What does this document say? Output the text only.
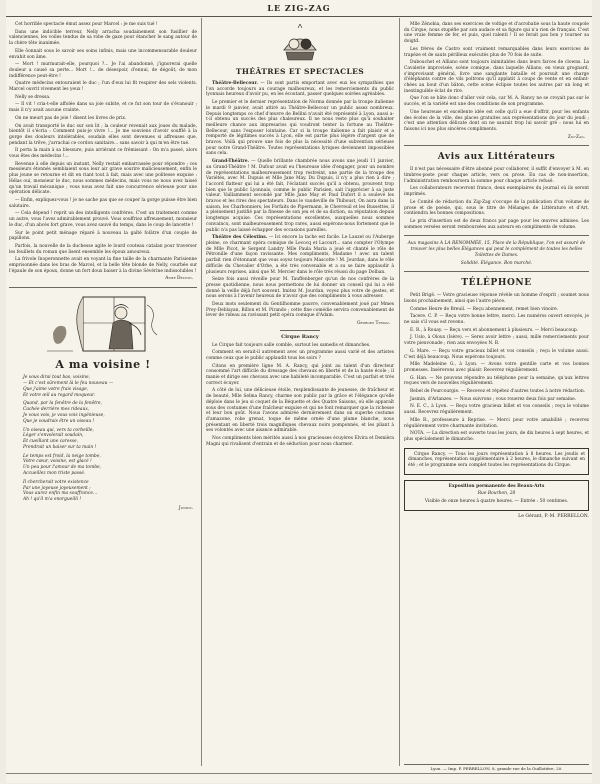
LE ZIG-ZAG

Cet horrible spectacle émut assez pour Marcel : je me suis tué !

Dans une indicible terreur, Nelly arracha soudainement son fusillier de valenciennes, les voiles tendus de sa robe de gaze pour étancher le sang autour de la chère tête inanimée.

Elle ôonnait sous le savoir ses soins infinis, mais une incommensurable douleur envahit son âme.

— Mort ! murmurait-elle, pourquoi ?... Je l'ai abandonné, j'ignorerai quelle douleur a causé sa perte... Mort !... de désespoir, d'ennui, de dégoût, de mon indifférence peut-être !

Quatre médecins entouraient le duc ; l'un d'eux lui fit respirer des sels violents. Marcel ouvrit vivement les yeux !

Nelly se dressa.

— Il vit ! cria-t-elle affolée dans sa joie subite, et ce fut son tour de s'évanouir ; mais il n'y avait aucune crainte.

On ne meurt pas de joie ! disent les livres de prix.

On avait transporté le duc sur son lit ; la couleur revenait aux joues du malade, bientôt il s'écria : Comment puis-je vivre !... Je me souviens d'avoir soufflé à la gorge des douleurs intolérables, soudain elles sont devenues si affreuses que, pendant la trêve, j'arrachai ce cordon sanitaire... sans savoir à qui m'en être tué.

Il porta la main à sa blessure, puis arriérant ce frémissant : On m'a passé, alors vous êtes des médecins !...

Revenue à elle depuis un instant, Nelly restait embarrassée pour répondre ; ces messieurs étonnés semblaient sous leur air grave sourire malicieusement, enfin le plus jeune se retourne et dit en riant tout à fait, mais avec une politesse exquise : Hélas oui, monsieur le duc, nous sommes médecins, mais vous ne nous avez laissé qu'un travail mécanique ; vous nous avez fait une concurrence sérieuse pour une opération délicate.

— Enfin, expliquez-vous ! je ne sache pas que se couper la gorge puisse être bien salutaire.

— Cela dépend ! reprit un des intelligents confrères. C'est un traitement comme un autre, vous l'avez admirablement prouvé. Vous souffriez affreusement, monsieur le duc, d'un abcès fort grave, vous avez sauvé du temps, dans le coup de lancette !

Sur le point petit ménage réparé à nouveau la gaîté folâtre d'un couple de papillons.

Parfois, la nouvelle de la duchesse agite le lourd couteau catalan pour traverser les feuillets du roman que lisent ensemble les époux amoureux.

La frivole Inoperonnette avait en voyant la fine taille de la charmante Parisienne emprisonnée dans les bras de Marcel, et la belle tête blonde de Nelly, courbée sur l'épaule de son époux, donne un fort doux baiser à la divine Sévérine indissolubles !

Aymé Delyon.
A ma voisine !
Je vous dirai tout bas, voisine,
— Et c'est sûrement là le feu nouveau —
Que j'aime votre frais visage,
Et votre œil au regard moqueur.
Quand, par la fenêtre de la fenêtre,
Cachée derrière mes rideaux,
Je vous vois, je vous vois ingénieuse,
Que je voudrais être un oiseau !
Un oiseau qui, vers ta corbeille,
Lèger s'envolerait soudain,
Et cueillant une caresse,
Prendrait un baiser sur ta main !
Le temps est froid, la neige tombe,
Votre cœur, voisine, est glacé !
Un peu pour l'amour de ma tombe,
Accueillez mon triste passé.
Il chercherait votre existence
Par une joyeuse joyeusement ;
Vous aurez enfin ma souffrance...
Ah ! qu'il m'a enorgueilli !
Junius.
THÉÂTRES ET SPECTACLES

Théâtre-Bellecour. — Ils sont partis emportant avec eux les sympathies que l'on accorde toujours au courage malheureux, et les remerciements du public lyonnais heureux d'avoir pu, en les écoutant, passer quelques soirées agréables.

Le premier et le dernier représentation de Norma donnée par la troupe italienne le mardi 9 janvier, avait attiré au Théâtre-Bellecour un public assez nombreux. Depuis longtemps ce chef d'œuvre de Bellini n'avait été représenté à Lyon, aussi a-t-il obtenu un succès des plus chaleureux. Il ne nous reste plus qu'à souhaiter meilleure chance aux impresarios qui voudront tenter la fortune au Théâtre-Bellecour, sans l'exposer lointaine. Car si la troupe italienne a fait plaisir et a remporté de légitimes succès à Lyon, elle est partie plus légère d'argent que de bravos. Voilà qui prouve une fois de plus la nécessité d'une subvention sérieuse pour notre Grand-Théâtre. Toutes représentations lyriques deviennent impossibles sans cela.

Grand-Théâtre. — Quelle brillante chambrée nous avons une jeudi 11 janvier, au Grand-Théâtre ! M. Dufour avait eu l'heureuse idée d'engager, pour un nombre de représentations malheureusement trop restreint, une partie de la troupe des Variétés, avec M. Dupuis et Mlle Jane May. Du Dupuis, il n'y a plus rien à dire ; l'accord flatteur qui lui a été fait, l'éclatant succès qu'il a obtenu, prouvent trop bien que le public Lyonnais, comme le public Parisien, sait l'apprécier à sa juste valeur. Vaillamment secondé par Mlle Jane May et Paul Dufort il a soulevé les bravos et les rires des spectateurs. Dans le vaudeville de Thiboust, On aura dans la saison, les Charbonniers, les Forfaits de Pipermann, le Chevreuil et les Bussettes, il a pleinement justifié par la finesse de son jeu et de sa diction, sa réputation depuis longtemps acquise. Ces représentations excellentes, auxquelles nous sommes convaincu, sont malheureusement trop rares, aussi espérons-nous fortement que le public n'a pas laissé échapper des occasions pareilles.

Théâtre des Célestins. — Ici encore la tache est facile. Le Lauzel ou l'Auberge pleine, ce charmant opéra comique de Lecocq et Lacourt... sans compter l'Olympe de Mlle Picot, le Sergent Landry Mlle Paula Maria a joué et chanté le rôle de Pétronille d'une façon ravissante. Mes compliments, Madame ! avec un talent parfait rien d'étonnant que vous soyez toujours Mascotte ! M. Jourdan, dans le rôle difficile du Chevalier d'Orbe, a été très convenable et a su se faire applaudir à plusieurs reprises, ainsi que M. Mercier dans le rôle très réussi du page Dolban.

Seize fois aussi réveille pour M. Tauffenberger qu'un de nos confrères de la presse quotidienne, nous nous permettons de lui donner un conseil qui lui a été donné la veille déjà fort souvent. Imitez M. Jourdan, voyez plus votre de gestes, et nous serons à l'avenir heureux de n'avoir que des compliments à vous adresser.

Deux mots seulement du Gentilhomme pauvre, convenablement joué par Mmes Prey-Deblayan, Billon et M. Pirando ; cette fine comédie servira convenablement de lever de rideau au ravissant petit opéra comique d'Adam.

Georges Tyrian.
Cirque Rancy

Le Cirque fait toujours salle comble, surtout les samedis et dimanches.

Comment en serait-il autrement avec un programme aussi varié et des artistes comme ceux que le public applaudit tous les soirs ?

Citons en première ligne M. A. Rancy, qui joint au talent d'un directeur consommé l'art difficile du dressage des chevaux en liberté et de la haute école ; il manie et dirige ses chevaux avec une habileté incomparable. C'est un parfait et très correct écuyer.

A côté de lui, une délicieuse étoile, resplendissante de jeunesse, de fraîcheur et de beauté, Mlle Selma Rancy, charme son public par la grâce et l'élégance qu'elle déploie dans le jeu si coquet de la Béquette et des Quatre Saisons, où elle apparaît sous des costumes d'une fraîcheur exquise et qui ne font remarquer que la richesse et leur bon goût. Nous l'avons admirée dernièrement dans un superbe costume d'amazone, robe grenat, toque de même ornée d'une plume blanche, nous présentant en liberté trois magnifiques chevaux noirs pomponnés, et les pliant à ses volontés avec une aisance admirable.

Nos compliments bien mérités aussi à nos gracieuses écuyères Elvira et Demièra Magni qui rivalisent d'entrain et de séduction pour nous charmer.

Mlle Zénobia, dans ses exercices de voltige et d'acrobatie sous la haute coupole du Cirque, nous stupéfie par son audace et sa figure qui n'a rien de français. C'est une vraie femme de fer, et puis, quel ralenti ! Il se ferait pas bon y tourner sa doigtd.

Les frères de Castro sont vraiment remarquables dans leurs exercices de trapèze et de sauts périlleux exécutés plus de 70 fois de suite.

Dubouchet et Alliano sont toujours inimitables dans leurs farces de clowns. La Cavalerie improvisée, scène comique, dans laquelle Alliano, en vieux grognard, s'improvisant général, livre une sanglante bataille et poursuit une charge d'éléphants contre de vils poltrons qu'il applatit à coups de vente et en enfant-chées au bout d'un bâton, cette scène éclipse toutes les autres par un long et inextinguible éclat de rire.

Que l'on se hâte donc d'aller voir cela, car M. A. Rancy ne se croyait pas sur le succès, et la variété est une des conditions de son programme.

Une heureuse et excellente idée est celle qu'il a eue d'offrir, pour les enfants des écoles de la ville, des places gratuites aux représentations du jour du jeudi ; c'est une attention délicate dont on ne saurait trop lui savoir gré : nous lui en faisons ici nos plus sincères compliments.

Zig-Zag.
Avis aux Littérateurs

Il n'est pas nécessaire d'être abonné pour collaborer, il suffit d'envoyer à M. en timbres-poste pour chaque article, vers ou prose. En cas de non-insertion, l'administration remboursera la somme pour chaque article refusé.

Les collaborateurs recevront franco, deux exemplaires du journal où ils seront imprimés.

Le Comité de rédaction du Zig-Zag s'occupe de la publication d'un volume de prose et de poésie, qui, sous le titre de Mélanges de Littérature et d'Art, contiendra les bonnes compositions.

Le prix d'insertion est de deux francs par page pour les œuvres admises. Les sommes versées seront remboursées aux auteurs en compliments de volume.

Aux magasins A LA RENOMMÉE, 15, Place de la République, l'on est assuré de trouver les plus belles Élégances qui peut le complément de toutes les belles Toilettes de Dames.

Solidité. Élégance. Bon marché.

TÉLÉPHONE

Petit Brigé. — Votre gracieuse réponse révèle un homme d'esprit ; soumet nous lisons prochainement, ainsi que l'autre pièce.

Comme Heure de Breuil. — Reçu abonnement, remet bien vinoire.

Tacere. C. P. — Reçu votre bonne lettre, merci. Les numéros ouvert envoyés, je ne sais s'il vous est revenu.

E. R., à Rouay. — Reçu vers et abonnement à plusieurs. — Merci beaucoup.

J. Uslo, à Oloux (Isère). — Serez avoir lettre ; aussi, mille remerciements pour votre pieuvonade ; rien aux envoyées N. B.

G. Mare. — Reçu votre gracieux billet et vos conseils ; reçu le volume aussi. C'est déjà beaucoup. Nous espérons toujours.

Mlle Madeleine G., à Lyon. — Avons votre gentille carte et vos bonnes promesses. Insérerons avec plaisir. Recevrez régulièrement.

G. Han. — Ne pouvons répondre au téléphone pour la semaine, qu'aux lettres reçues vers de nouvelles régulièrement.

Rebel de Pourcourgie. — Recevez et répétez d'autres toutes à notre rédaction.

Jasmin, d'Arlanzes. — Nous suivrons ; vous rouerez deux fois par semaine.

N. E. C., à Lyon. — Reçu votre gracieux billet et vos conseils ; reçu le volume aussi. Recevrez régulièrement.

Mlle R., professeure à Reprise. — Merci pour votre amabilité ; recevrez régulièrement votre charmante invitation.

NOTA. — La direction est ouverte tous les jours, de dix heures à sept heures, et plus spécialement le dimanche.

Cirque Rancy. — Tous les jours représentation à 8 heures. Les jeudis et dimanches, représentation supplémentaire à 2 heures, le dimanche suivant en été ; et le programme sera complet toutes les représentations du Cirque.

Exposition permanente des Beaux-Arts

Rue Bourbon, 28

Visible de onze heures à quatre heures. — Entrée : 50 centimes.

Le Gérant, P.-M. PERRELLON.
Lyon. — Imp. P. PERRELLON, 8, grande rue de la Guillotière, 20.
